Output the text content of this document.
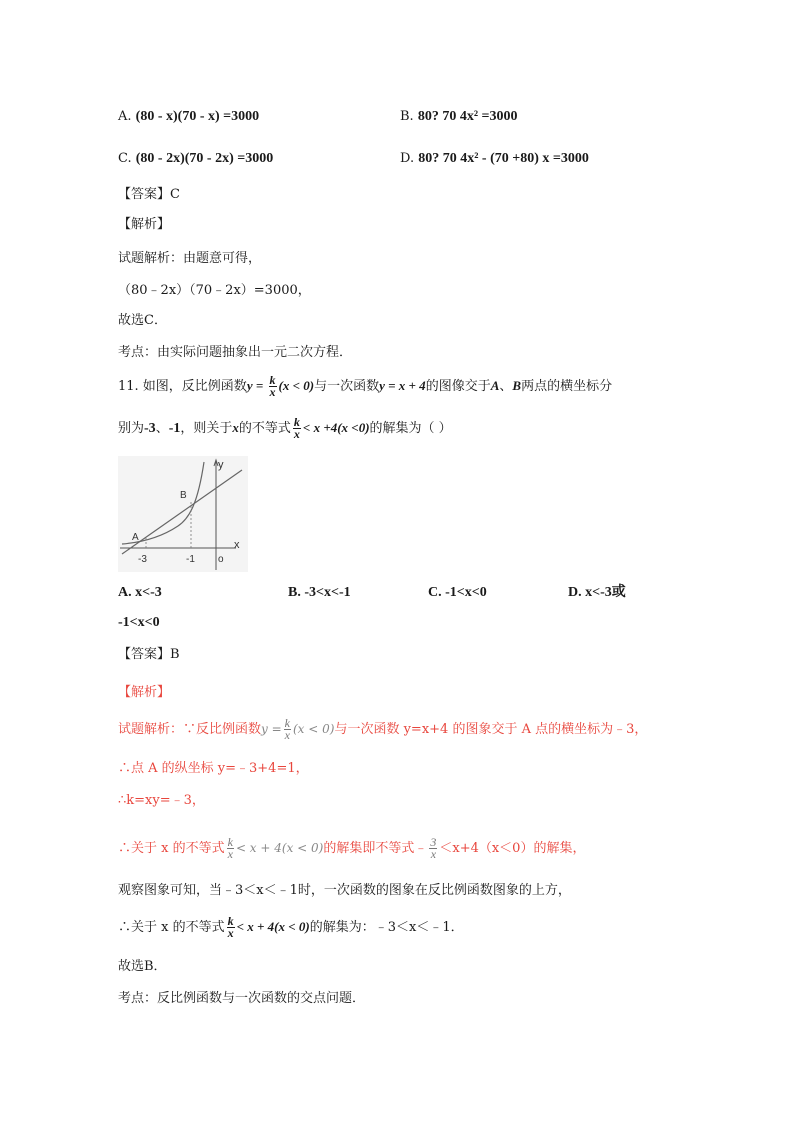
A. (80 - x)(70 - x) =3000	B. 80? 70 4x² =3000
C. (80 - 2x)(70 - 2x) =3000	D. 80? 70 4x² - (70 +80) x =3000
【答案】C
【解析】
试题解析：由题意可得，
（80﹣2x）（70﹣2x）=3000，
故选C．
考点：由实际问题抽象出一元二次方程．
11. 如图，反比例函数$y = \frac{k}{x} (x < 0)$与一次函数y = x + 4的图像交于A、B两点的横坐标分
别为-3、-1，则关于x的不等式 $\frac{k}{x} < x +4(x <0)$的解集为（ ）
y
x
A
B
-3	-1 o
A. x<-3	B. -3<x<-1	C. -1<x<0	D. x<-3或
-1<x<0
【答案】B
【解析】
试题解析：∵反比例函数$y = \frac{k}{x} (x < 0)$与一次函数 y=x+4 的图象交于 A 点的横坐标为﹣3，
∴点 A 的纵坐标 y=﹣3+4=1，
∴k=xy=﹣3，
∴关于 x 的不等式 $\frac{k}{x} < x + 4(x < 0)$的解集即不等式﹣ $\frac{3}{x} <x+4(x<0)$的解集，
观察图象可知，当﹣3＜x＜﹣1时，一次函数的图象在反比例函数图象的上方，
∴关于 x 的不等式 $\frac{k}{x} < x + 4(x < 0)$的解集为：﹣3＜x＜﹣1．
故选B．
考点：反比例函数与一次函数的交点问题．
